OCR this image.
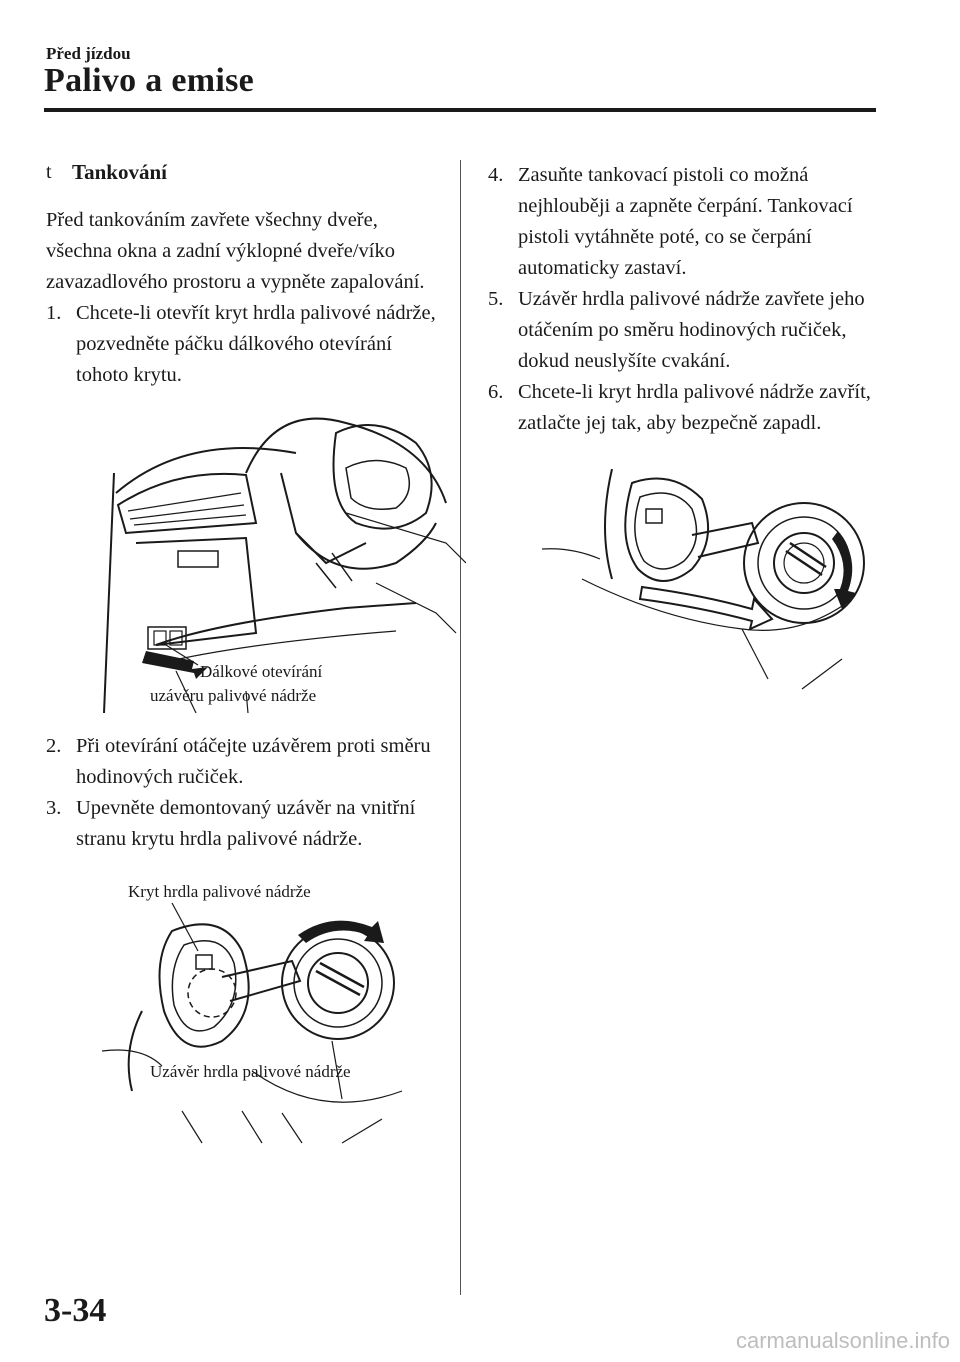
Před jízdou
Palivo a emise
t Tankování

Před tankováním zavřete všechny dveře, všechna okna a zadní výklopné dveře/víko zavazadlového prostoru a vypněte zapalování.

1. Chcete-li otevřít kryt hrdla palivové nádrže, pozvedněte páčku dálkového otevírání tohoto krytu.
Dálkové otevírání
uzávěru palivové nádrže
2. Při otevírání otáčejte uzávěrem proti směru hodinových ručiček.
3. Upevněte demontovaný uzávěr na vnitřní stranu krytu hrdla palivové nádrže.
Kryt hrdla palivové nádrže
Uzávěr hrdla palivové nádrže
4. Zasuňte tankovací pistoli co možná nejhlouběji a zapněte čerpání. Tankovací pistoli vytáhněte poté, co se čerpání automaticky zastaví.
5. Uzávěr hrdla palivové nádrže zavřete jeho otáčením po směru hodinových ručiček, dokud neuslyšíte cvakání.
6. Chcete-li kryt hrdla palivové nádrže zavřít, zatlačte jej tak, aby bezpečně zapadl.
3-34
carmanualsonline.info
